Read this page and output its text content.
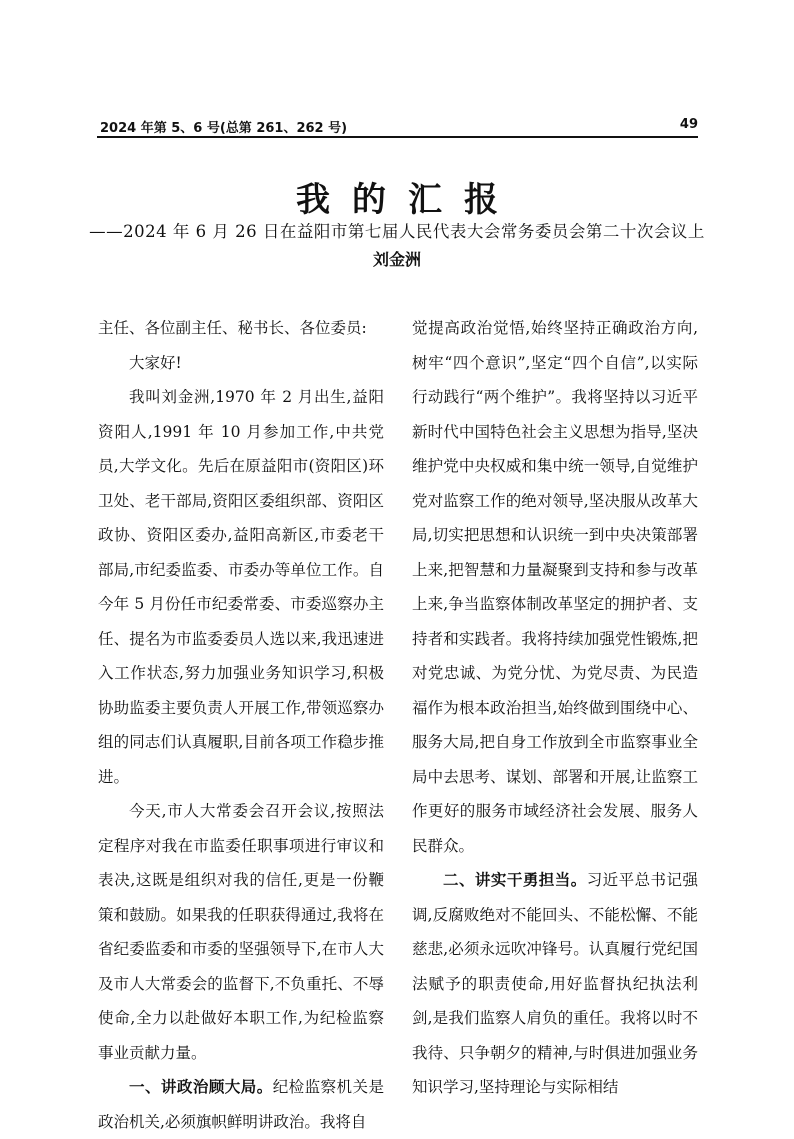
2024 年第 5、6 号(总第 261、262 号)	49
我的汇报
——2024 年 6 月 26 日在益阳市第七届人民代表大会常务委员会第二十次会议上
刘金洲

主任、各位副主任、秘书长、各位委员:

大家好!

我叫刘金洲,1970 年 2 月出生,益阳资阳人,1991 年 10 月参加工作,中共党员,大学文化。先后在原益阳市(资阳区)环卫处、老干部局,资阳区委组织部、资阳区政协、资阳区委办,益阳高新区,市委老干部局,市纪委监委、市委办等单位工作。自今年 5 月份任市纪委常委、市委巡察办主任、提名为市监委委员人选以来,我迅速进入工作状态,努力加强业务知识学习,积极协助监委主要负责人开展工作,带领巡察办组的同志们认真履职,目前各项工作稳步推进。

今天,市人大常委会召开会议,按照法定程序对我在市监委任职事项进行审议和表决,这既是组织对我的信任,更是一份鞭策和鼓励。如果我的任职获得通过,我将在省纪委监委和市委的坚强领导下,在市人大及市人大常委会的监督下,不负重托、不辱使命,全力以赴做好本职工作,为纪检监察事业贡献力量。

一、讲政治顾大局。纪检监察机关是政治机关,必须旗帜鲜明讲政治。我将自

觉提高政治觉悟,始终坚持正确政治方向,树牢“四个意识”,坚定“四个自信”,以实际行动践行“两个维护”。我将坚持以习近平新时代中国特色社会主义思想为指导,坚决维护党中央权威和集中统一领导,自觉维护党对监察工作的绝对领导,坚决服从改革大局,切实把思想和认识统一到中央决策部署上来,把智慧和力量凝聚到支持和参与改革上来,争当监察体制改革坚定的拥护者、支持者和实践者。我将持续加强党性锻炼,把对党忠诚、为党分忧、为党尽责、为民造福作为根本政治担当,始终做到围绕中心、服务大局,把自身工作放到全市监察事业全局中去思考、谋划、部署和开展,让监察工作更好的服务市域经济社会发展、服务人民群众。

二、讲实干勇担当。习近平总书记强调,反腐败绝对不能回头、不能松懈、不能慈悲,必须永远吹冲锋号。认真履行党纪国法赋予的职责使命,用好监督执纪执法利剑,是我们监察人肩负的重任。我将以时不我待、只争朝夕的精神,与时俱进加强业务知识学习,坚持理论与实际相结
